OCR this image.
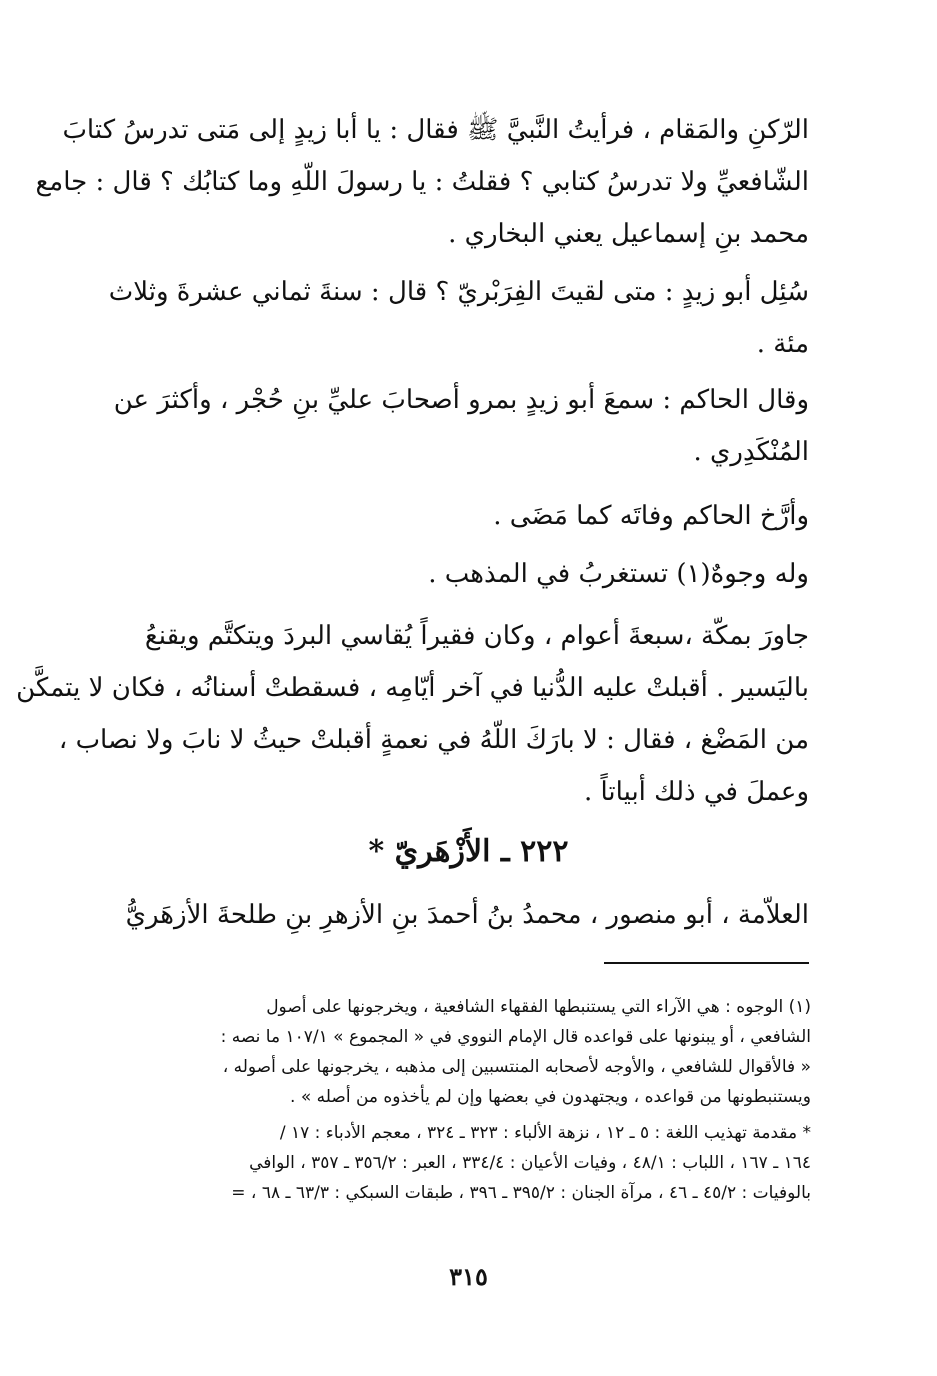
الرّكنِ والمَقام ، فرأيتُ النَّبيَّ ﷺ فقال : يا أبا زيدٍ إلى مَتى تدرسُ كتابَ
الشّافعيِّ ولا تدرسُ كتابي ؟ فقلتُ : يا رسولَ اللّهِ وما كتابُك ؟ قال : جامع
محمد بنِ إسماعيل يعني البخاري .

سُئِل أبو زيدٍ : متى لقيتَ الفِرَبْريّ ؟ قال : سنةَ ثماني عشرةَ وثلاث
مئة .

وقال الحاكم : سمعَ أبو زيدٍ بمرو أصحابَ عليِّ بنِ حُجْر ، وأكثرَ عن
المُنْكَدِري .

وأرَّخ الحاكم وفاتَه كما مَضَى .

وله وجوهٌ(١) تستغربُ في المذهب .

جاورَ بمكّة ،سبعةَ أعوام ، وكان فقيراً يُقاسي البردَ ويتكتَّم ويقنعُ
باليَسير . أقبلتْ عليه الدُّنيا في آخر أيّامِه ، فسقطتْ أسنانُه ، فكان لا يتمكَّن
من المَضْغ ، فقال : لا بارَكَ اللّهُ في نعمةٍ أقبلتْ حيثُ لا نابَ ولا نصاب ،
وعملَ في ذلك أبياتاً .

٢٢٢ ـ الأَزْهَريّ *

العلاّمة ، أبو منصور ، محمدُ بنُ أحمدَ بنِ الأزهرِ بنِ طلحةَ الأزهَريُّ

(١) الوجوه : هي الآراء التي يستنبطها الفقهاء الشافعية ، ويخرجونها على أصول
الشافعي ، أو يبنونها على قواعده قال الإمام النووي في « المجموع » ١٠٧/١ ما نصه :
« فالأقوال للشافعي ، والأوجه لأصحابه المنتسبين إلى مذهبه ، يخرجونها على أصوله ،
ويستنبطونها من قواعده ، ويجتهدون في بعضها وإن لم يأخذوه من أصله » .

* مقدمة تهذيب اللغة : ٥ ـ ١٢ ، نزهة الألباء : ٣٢٣ ـ ٣٢٤ ، معجم الأدباء : ١٧ /
١٦٤ ـ ١٦٧ ، اللباب : ٤٨/١ ، وفيات الأعيان : ٣٣٤/٤ ، العبر : ٣٥٦/٢ ـ ٣٥٧ ، الوافي
بالوفيات : ٤٥/٢ ـ ٤٦ ، مرآة الجنان : ٣٩٥/٢ ـ ٣٩٦ ، طبقات السبكي : ٦٣/٣ ـ ٦٨ ، =

٣١٥
